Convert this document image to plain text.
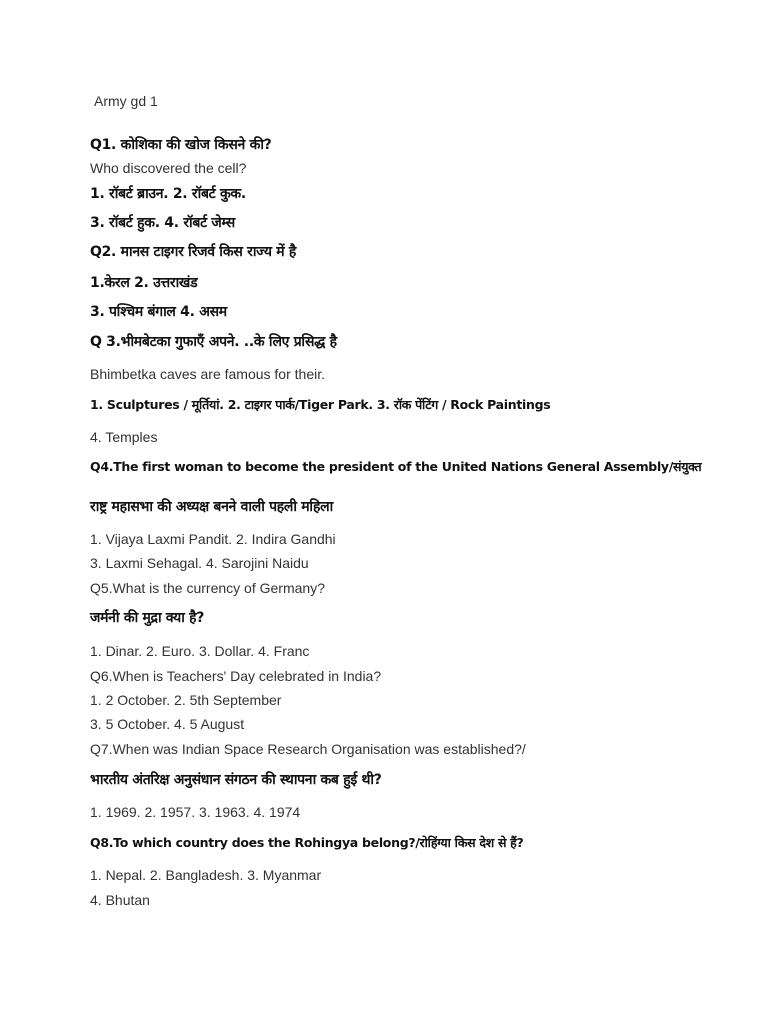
Army gd 1
Q1. कोशिका की खोज किसने की?
Who discovered the cell?
1. रॉबर्ट ब्राउन. 2. रॉबर्ट कुक.
3. रॉबर्ट हुक. 4. रॉबर्ट जेम्स
Q2. मानस टाइगर रिजर्व किस राज्य में है
1.केरल 2. उत्तराखंड
3. पश्चिम बंगाल 4. असम
Q 3.भीमबेटका गुफाएँ अपने. ..के लिए प्रसिद्ध है
Bhimbetka caves are famous for their.
1. Sculptures / मूर्तियां. 2. टाइगर पार्क/Tiger Park. 3. रॉक पेंटिंग / Rock Paintings
4. Temples
Q4.The first woman to become the president of the United Nations General Assembly/संयुक्त
राष्ट्र महासभा की अध्यक्ष बनने वाली पहली महिला
1. Vijaya Laxmi Pandit. 2. Indira Gandhi
3. Laxmi Sehagal. 4. Sarojini Naidu
Q5.What is the currency of Germany?
जर्मनी की मुद्रा क्या है?
1. Dinar. 2. Euro. 3. Dollar. 4. Franc
Q6.When is Teachers' Day celebrated in India?
1. 2 October. 2. 5th September
3. 5 October. 4. 5 August
Q7.When was Indian Space Research Organisation was established?/
भारतीय अंतरिक्ष अनुसंधान संगठन की स्थापना कब हुई थी?
1. 1969. 2. 1957. 3. 1963. 4. 1974
Q8.To which country does the Rohingya belong?/रोहिंग्या किस देश से हैं?
1. Nepal. 2. Bangladesh. 3. Myanmar
4. Bhutan
